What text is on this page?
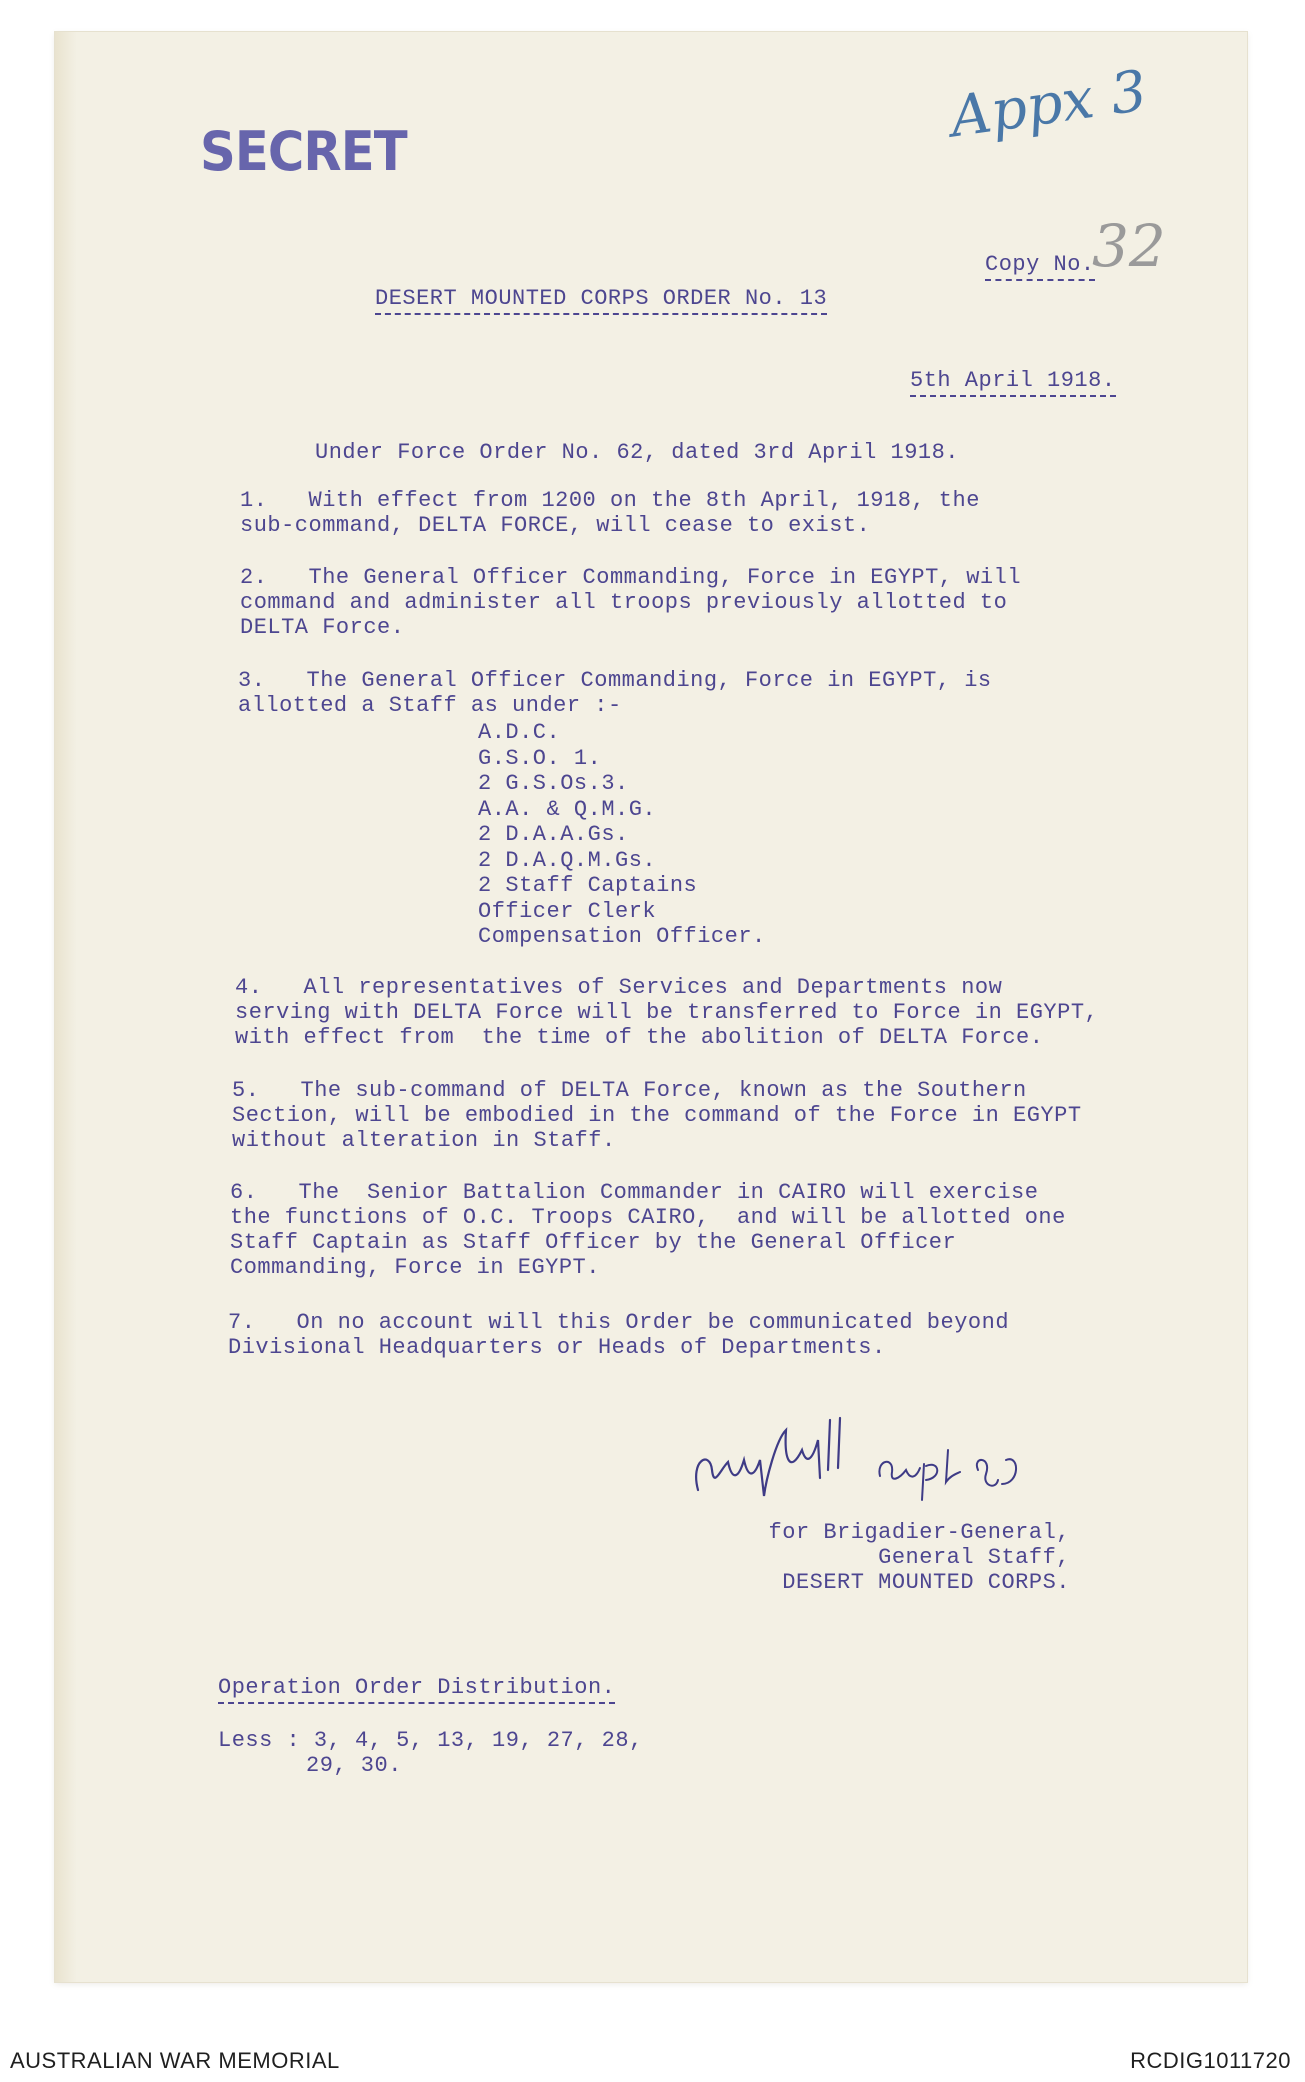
SECRET
Appx 3
Copy No.
32
DESERT MOUNTED CORPS ORDER No. 13
5th April 1918.
Under Force Order No. 62, dated 3rd April 1918.
1.   With effect from 1200 on the 8th April, 1918, the
sub-command, DELTA FORCE, will cease to exist.
2.   The General Officer Commanding, Force in EGYPT, will
command and administer all troops previously allotted to
DELTA Force.
3.   The General Officer Commanding, Force in EGYPT, is
allotted a Staff as under :-
A.D.C.
G.S.O. 1.
2 G.S.Os.3.
A.A. & Q.M.G.
2 D.A.A.Gs.
2 D.A.Q.M.Gs.
2 Staff Captains
Officer Clerk
Compensation Officer.
4.   All representatives of Services and Departments now
serving with DELTA Force will be transferred to Force in EGYPT,
with effect from  the time of the abolition of DELTA Force.
5.   The sub-command of DELTA Force, known as the Southern
Section, will be embodied in the command of the Force in EGYPT
without alteration in Staff.
6.   The  Senior Battalion Commander in CAIRO will exercise
the functions of O.C. Troops CAIRO,  and will be allotted one
Staff Captain as Staff Officer by the General Officer
Commanding, Force in EGYPT.
7.   On no account will this Order be communicated beyond
Divisional Headquarters or Heads of Departments.
AM Jarbott Capt GS
for Brigadier-General,
General Staff,
DESERT MOUNTED CORPS.
Operation Order Distribution.
Less : 3, 4, 5, 13, 19, 27, 28,
29, 30.
AUSTRALIAN WAR MEMORIAL	RCDIG1011720
